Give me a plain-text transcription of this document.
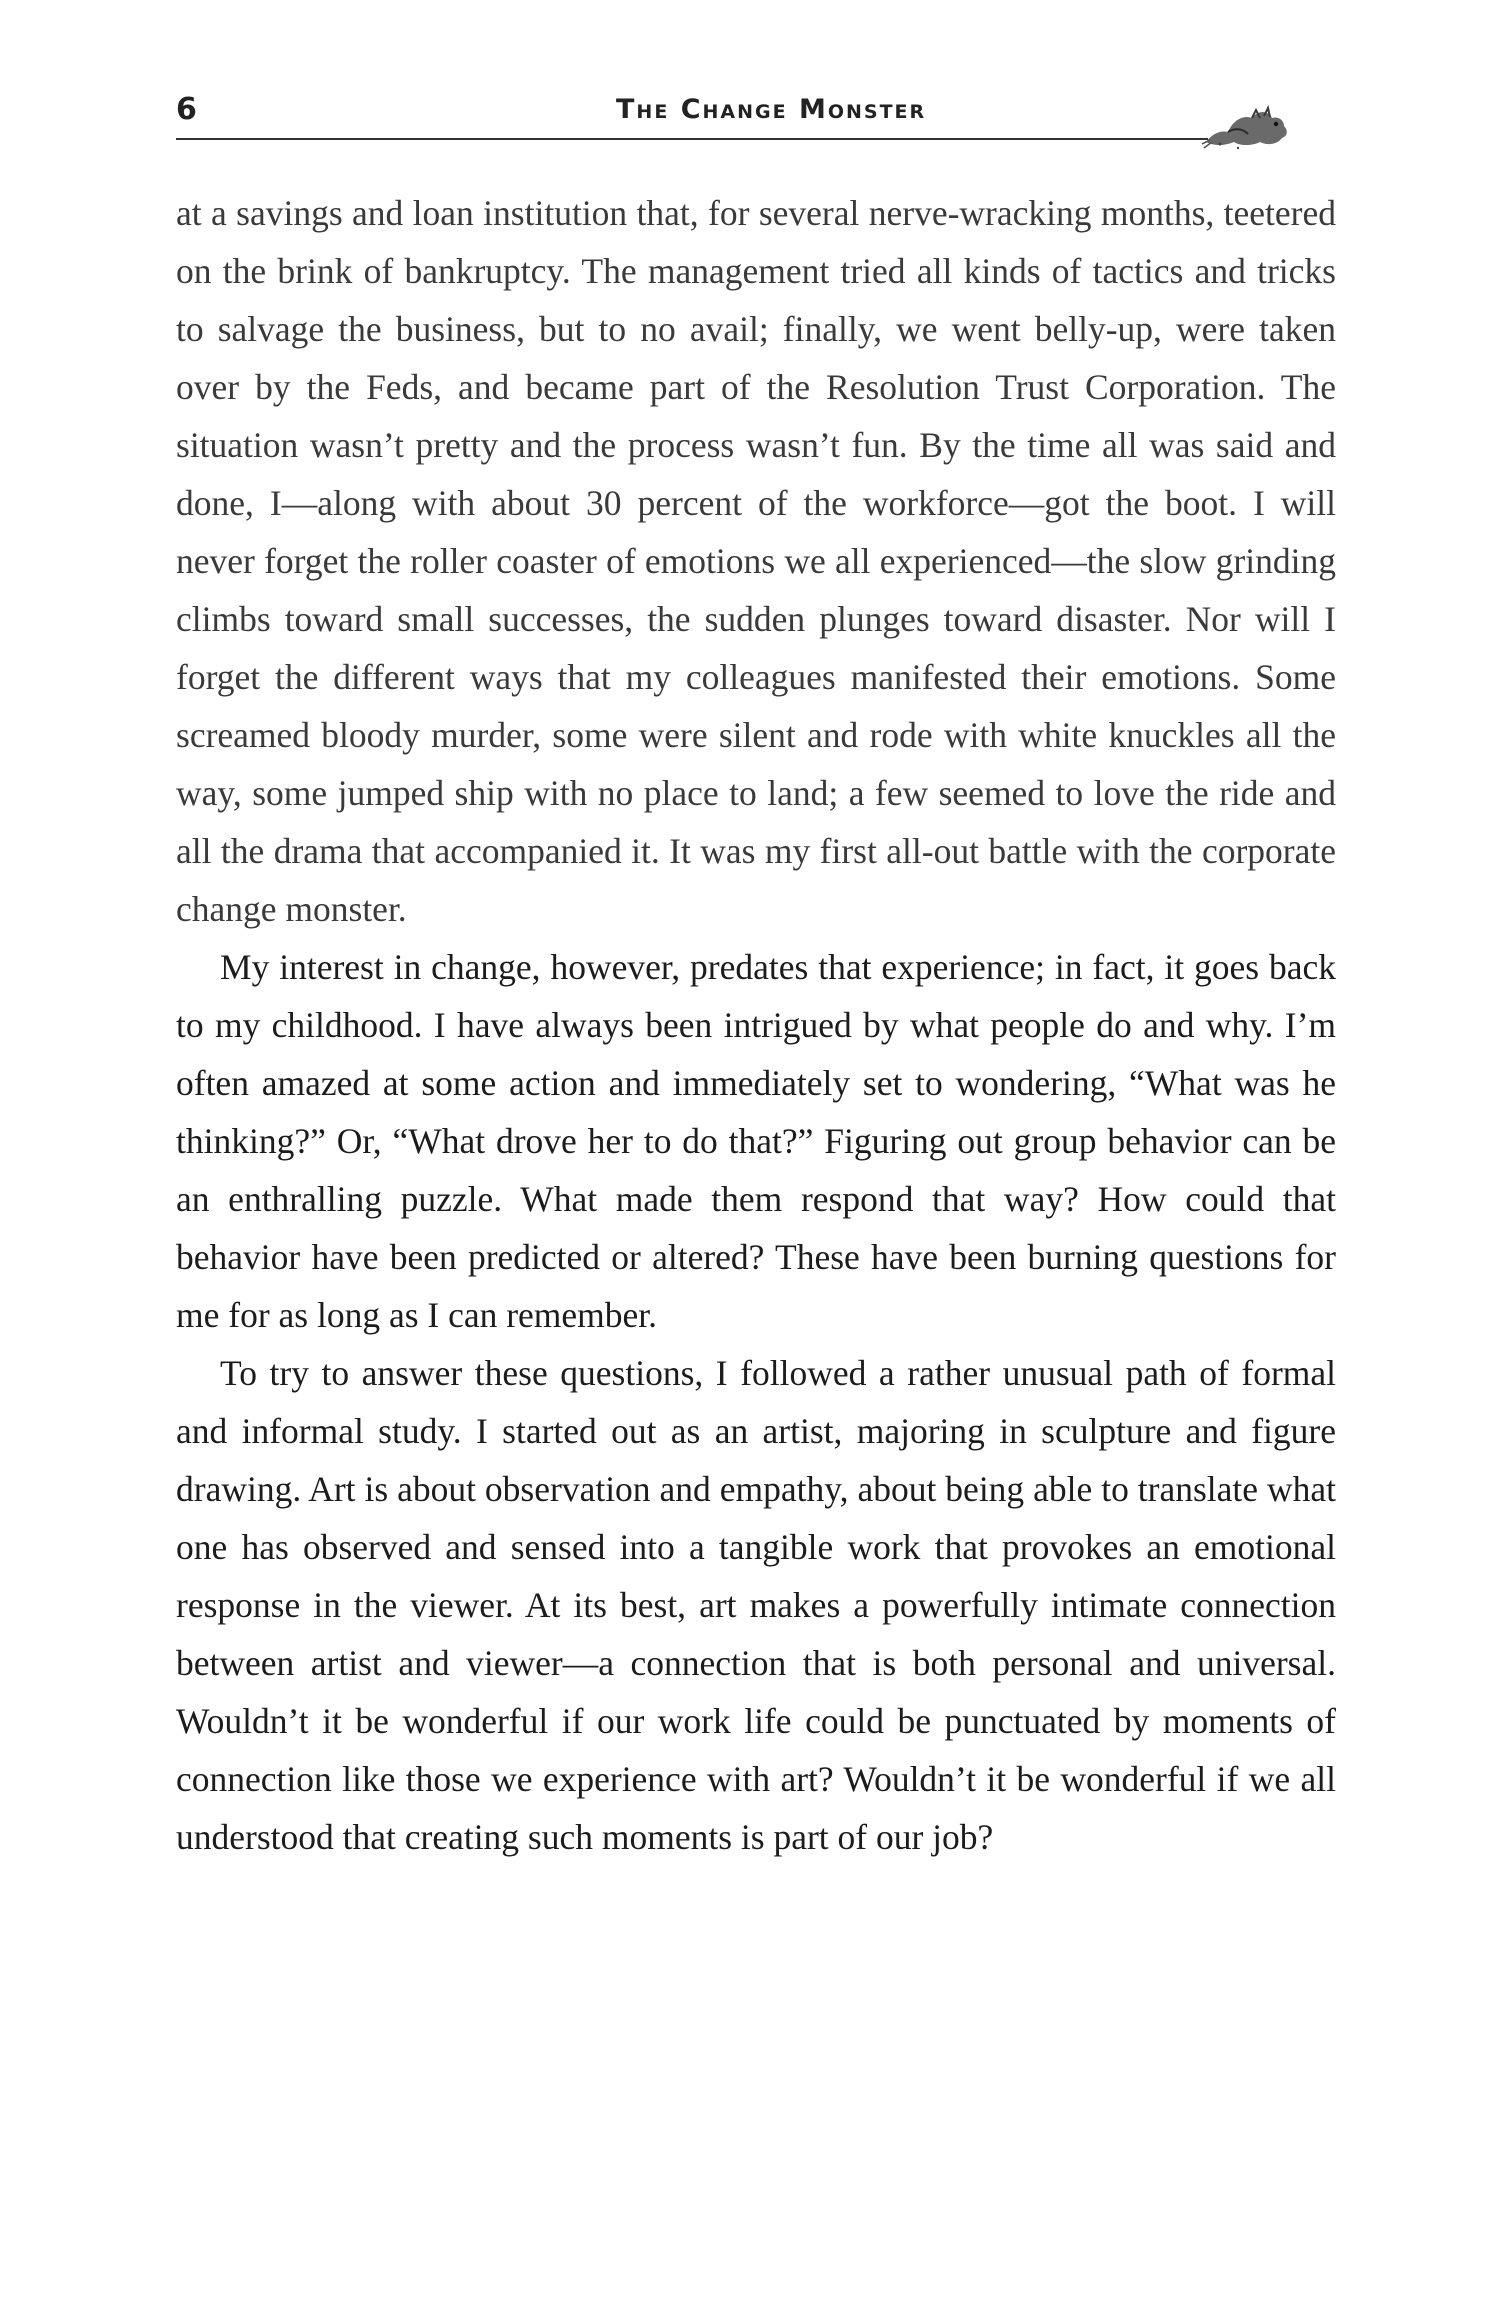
6	The Change Monster

at a savings and loan institution that, for several nerve-wracking months, teetered on the brink of bankruptcy. The management tried all kinds of tactics and tricks to salvage the business, but to no avail; finally, we went belly-up, were taken over by the Feds, and became part of the Resolution Trust Corporation. The situation wasn’t pretty and the process wasn’t fun. By the time all was said and done, I—along with about 30 percent of the workforce—got the boot. I will never forget the roller coaster of emotions we all experienced—the slow grinding climbs toward small successes, the sudden plunges toward disaster. Nor will I forget the different ways that my colleagues manifested their emotions. Some screamed bloody murder, some were silent and rode with white knuckles all the way, some jumped ship with no place to land; a few seemed to love the ride and all the drama that accompanied it. It was my first all-out battle with the corporate change monster.

My interest in change, however, predates that experience; in fact, it goes back to my childhood. I have always been intrigued by what people do and why. I’m often amazed at some action and immediately set to wondering, “What was he thinking?” Or, “What drove her to do that?” Figuring out group behavior can be an enthralling puzzle. What made them respond that way? How could that behavior have been predicted or altered? These have been burning questions for me for as long as I can remember.

To try to answer these questions, I followed a rather unusual path of formal and informal study. I started out as an artist, majoring in sculpture and figure drawing. Art is about observation and empathy, about being able to translate what one has observed and sensed into a tangible work that provokes an emotional response in the viewer. At its best, art makes a powerfully intimate connection between artist and viewer—a connection that is both personal and universal. Wouldn’t it be wonderful if our work life could be punctuated by moments of connection like those we experience with art? Wouldn’t it be wonderful if we all understood that creating such moments is part of our job?
